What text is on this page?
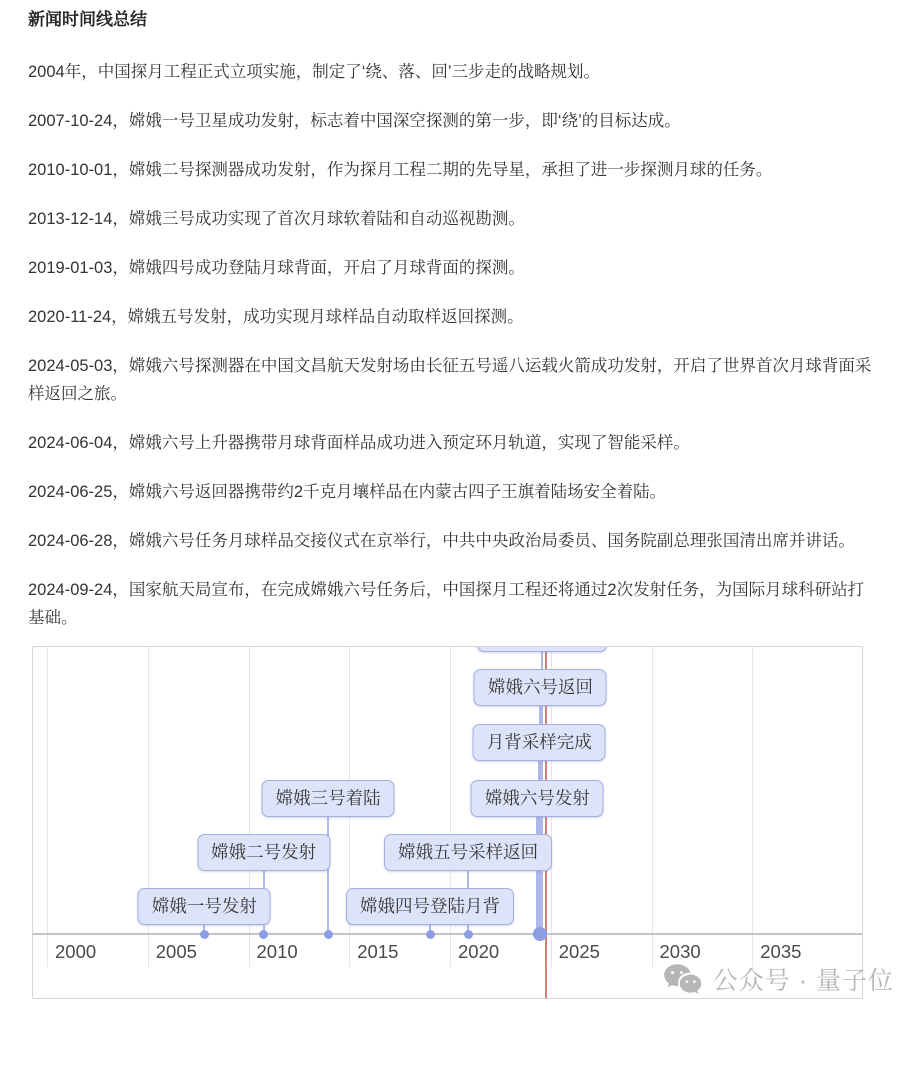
新闻时间线总结
2004年，中国探月工程正式立项实施，制定了‘绕、落、回’三步走的战略规划。
2007-10-24，嫦娥一号卫星成功发射，标志着中国深空探测的第一步，即‘绕’的目标达成。
2010-10-01，嫦娥二号探测器成功发射，作为探月工程二期的先导星，承担了进一步探测月球的任务。
2013-12-14，嫦娥三号成功实现了首次月球软着陆和自动巡视勘测。
2019-01-03，嫦娥四号成功登陆月球背面，开启了月球背面的探测。
2020-11-24，嫦娥五号发射，成功实现月球样品自动取样返回探测。
2024-05-03，嫦娥六号探测器在中国文昌航天发射场由长征五号遥八运载火箭成功发射，开启了世界首次月球背面采样返回之旅。
2024-06-04，嫦娥六号上升器携带月球背面样品成功进入预定环月轨道，实现了智能采样。
2024-06-25，嫦娥六号返回器携带约2千克月壤样品在内蒙古四子王旗着陆场安全着陆。
2024-06-28，嫦娥六号任务月球样品交接仪式在京举行，中共中央政治局委员、国务院副总理张国清出席并讲话。
2024-09-24，国家航天局宣布，在完成嫦娥六号任务后，中国探月工程还将通过2次发射任务，为国际月球科研站打基础。
2000	2005	2010	2015	2020	2025	2030	2035
嫦娥一号发射
嫦娥二号发射
嫦娥三号着陆
嫦娥四号登陆月背
嫦娥五号采样返回
嫦娥六号发射
月背采样完成
嫦娥六号返回
公众号 · 量子位
